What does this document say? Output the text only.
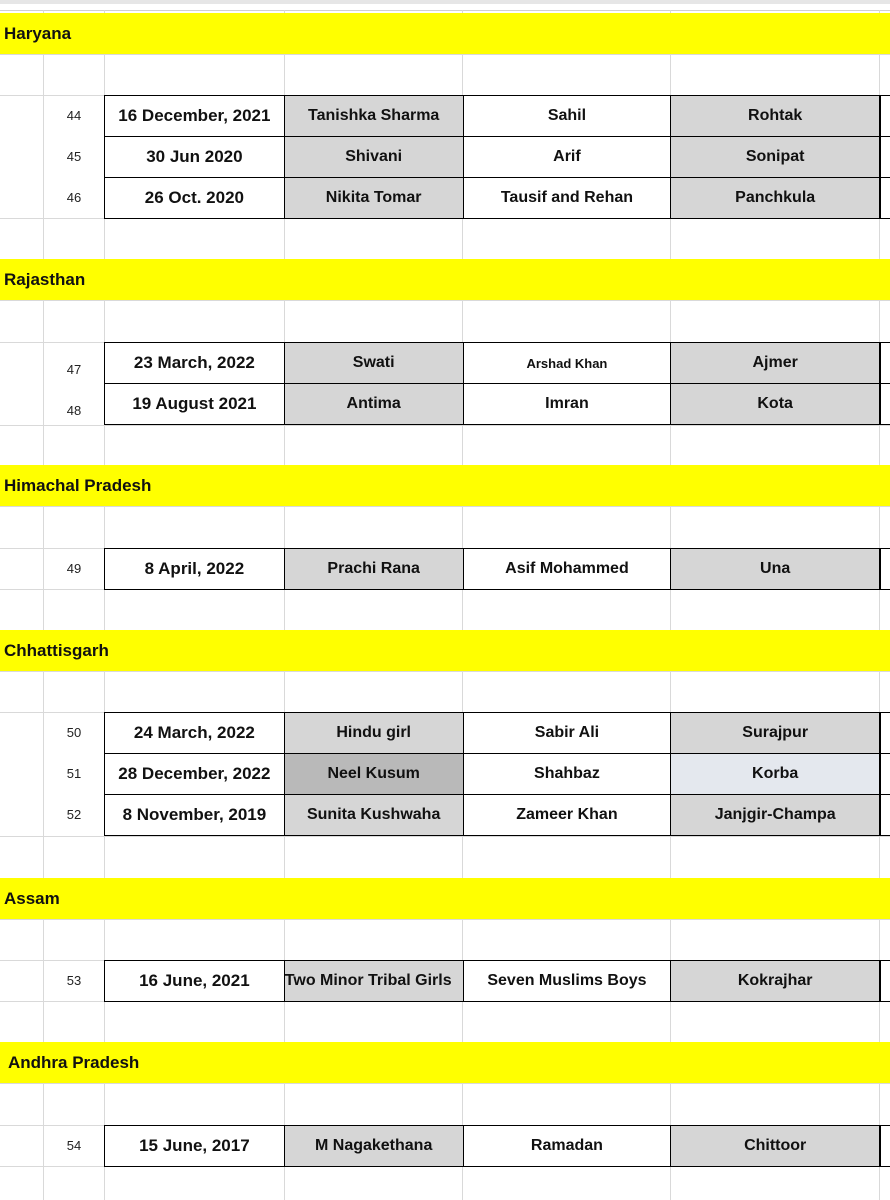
Haryana
44	16 December, 2021	Tanishka Sharma	Sahil	Rohtak
45	30 Jun 2020	Shivani	Arif	Sonipat
46	26 Oct. 2020	Nikita Tomar	Tausif and Rehan	Panchkula
Rajasthan
47	23 March, 2022	Swati	Arshad Khan	Ajmer
48	19 August 2021	Antima	Imran	Kota
Himachal Pradesh
49	8 April, 2022	Prachi Rana	Asif Mohammed	Una
Chhattisgarh
50	24 March, 2022	Hindu girl	Sabir Ali	Surajpur
51	28 December, 2022	Neel Kusum	Shahbaz	Korba
52	8 November, 2019	Sunita Kushwaha	Zameer Khan	Janjgir-Champa
Assam
53	16 June, 2021	Two Minor Tribal Girls	Seven Muslims Boys	Kokrajhar
Andhra Pradesh
54	15 June, 2017	M Nagakethana	Ramadan	Chittoor
